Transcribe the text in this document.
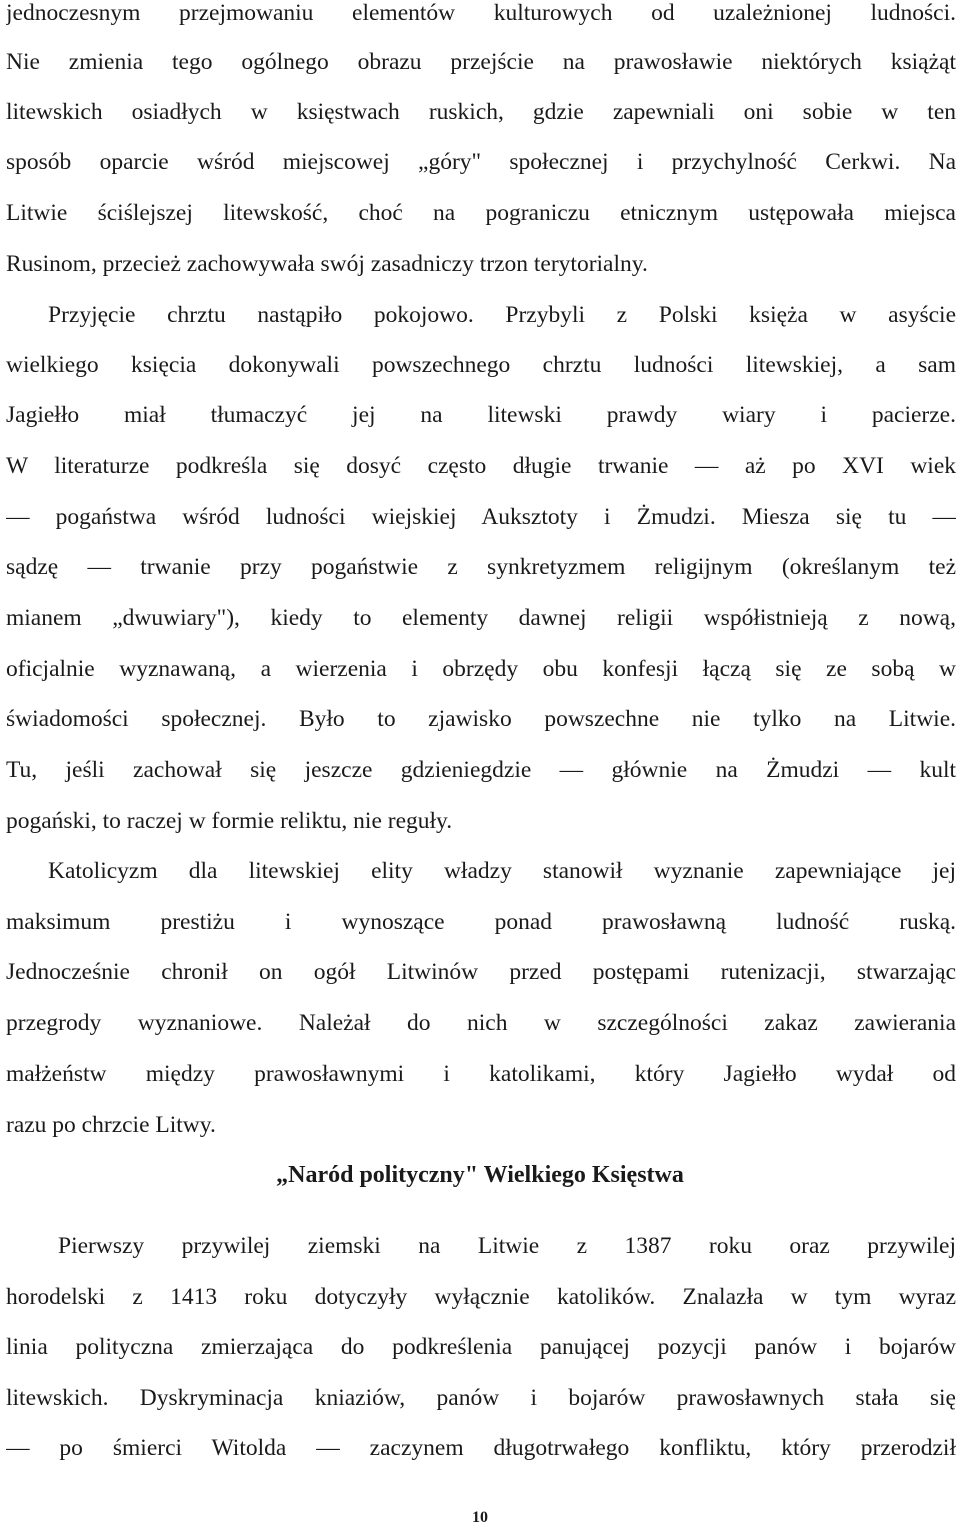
jednoczesnym przejmowaniu elementów kulturowych od uzależnionej ludności.
Nie zmienia tego ogólnego obrazu przejście na prawosławie niektórych książąt
litewskich osiadłych w księstwach ruskich, gdzie zapewniali oni sobie w ten
sposób oparcie wśród miejscowej „góry" społecznej i przychylność Cerkwi. Na
Litwie ściślejszej litewskość, choć na pograniczu etnicznym ustępowała miejsca
Rusinom, przecież zachowywała swój zasadniczy trzon terytorialny.
Przyjęcie chrztu nastąpiło pokojowo. Przybyli z Polski księża w asyście
wielkiego księcia dokonywali powszechnego chrztu ludności litewskiej, a sam
Jagiełło miał tłumaczyć jej na litewski prawdy wiary i pacierze.
W literaturze podkreśla się dosyć często długie trwanie — aż po XVI wiek
— pogaństwa wśród ludności wiejskiej Auksztoty i Żmudzi. Miesza się tu —
sądzę — trwanie przy pogaństwie z synkretyzmem religijnym (określanym też
mianem „dwuwiary"), kiedy to elementy dawnej religii współistnieją z nową,
oficjalnie wyznawaną, a wierzenia i obrzędy obu konfesji łączą się ze sobą w
świadomości społecznej. Było to zjawisko powszechne nie tylko na Litwie.
Tu, jeśli zachował się jeszcze gdzieniegdzie — głównie na Żmudzi — kult
pogański, to raczej w formie reliktu, nie reguły.
Katolicyzm dla litewskiej elity władzy stanowił wyznanie zapewniające jej
maksimum prestiżu i wynoszące ponad prawosławną ludność ruską.
Jednocześnie chronił on ogół Litwinów przed postępami rutenizacji, stwarzając
przegrody wyznaniowe. Należał do nich w szczególności zakaz zawierania
małżeństw między prawosławnymi i katolikami, który Jagiełło wydał od
razu po chrzcie Litwy.
„Naród polityczny" Wielkiego Księstwa
Pierwszy przywilej ziemski na Litwie z 1387 roku oraz przywilej
horodelski z 1413 roku dotyczyły wyłącznie katolików. Znalazła w tym wyraz
linia polityczna zmierzająca do podkreślenia panującej pozycji panów i bojarów
litewskich. Dyskryminacja kniaziów, panów i bojarów prawosławnych stała się
— po śmierci Witolda — zaczynem długotrwałego konfliktu, który przerodził
10
